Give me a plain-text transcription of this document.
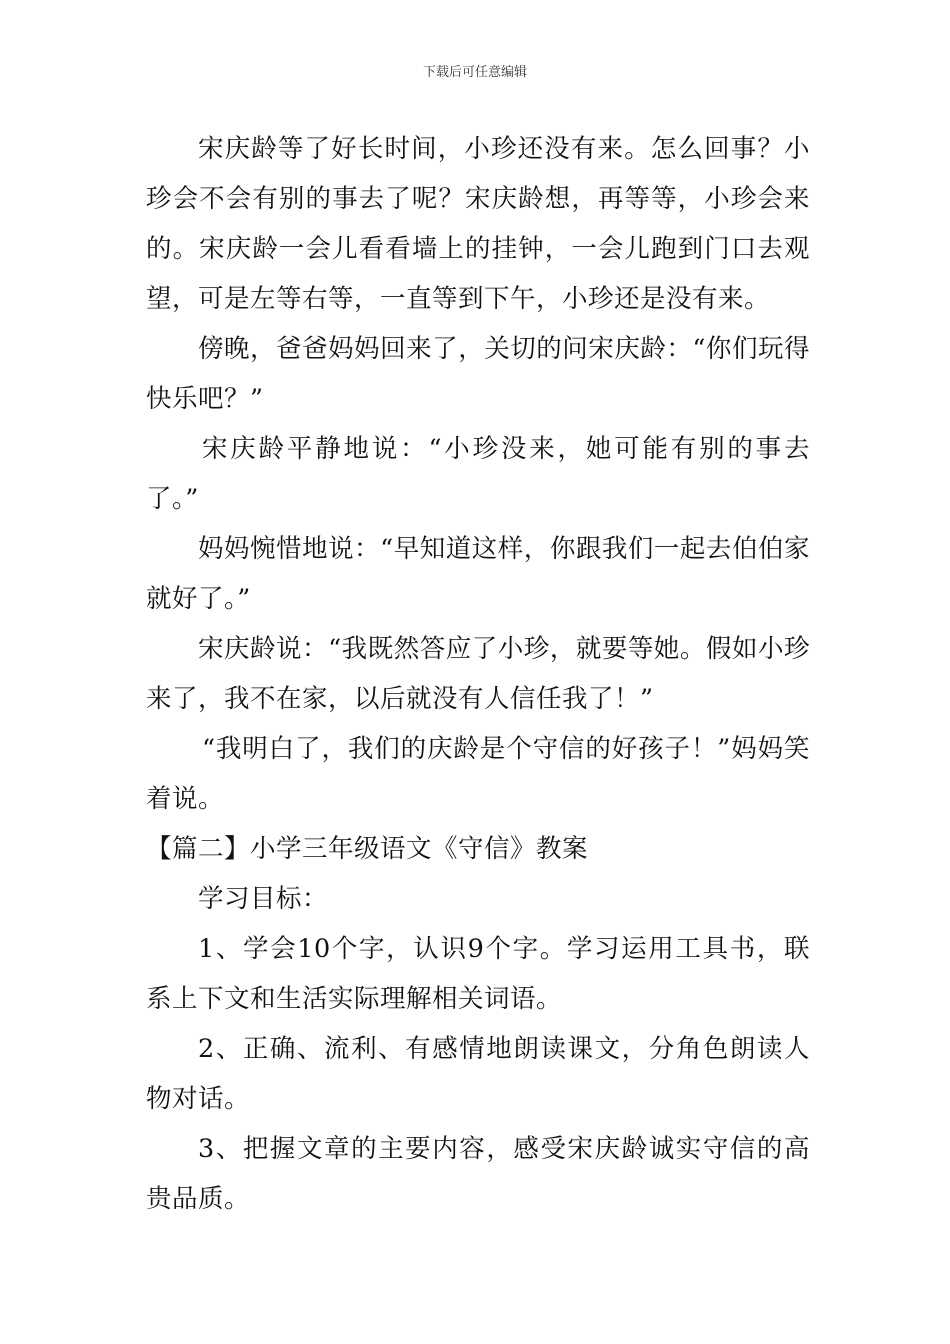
下载后可任意编辑

宋庆龄等了好长时间，小珍还没有来。怎么回事？小珍会不会有别的事去了呢？宋庆龄想，再等等，小珍会来的。宋庆龄一会儿看看墙上的挂钟，一会儿跑到门口去观望，可是左等右等，一直等到下午，小珍还是没有来。

傍晚，爸爸妈妈回来了，关切的问宋庆龄：“你们玩得快乐吧？”

宋庆龄平静地说：“小珍没来，她可能有别的事去了。”

妈妈惋惜地说：“早知道这样，你跟我们一起去伯伯家就好了。”

宋庆龄说：“我既然答应了小珍，就要等她。假如小珍来了，我不在家，以后就没有人信任我了！”

“我明白了，我们的庆龄是个守信的好孩子！”妈妈笑着说。

【篇二】小学三年级语文《守信》教案

学习目标：

1、学会10个字，认识9个字。学习运用工具书，联系上下文和生活实际理解相关词语。

2、正确、流利、有感情地朗读课文，分角色朗读人物对话。

3、把握文章的主要内容，感受宋庆龄诚实守信的高贵品质。
